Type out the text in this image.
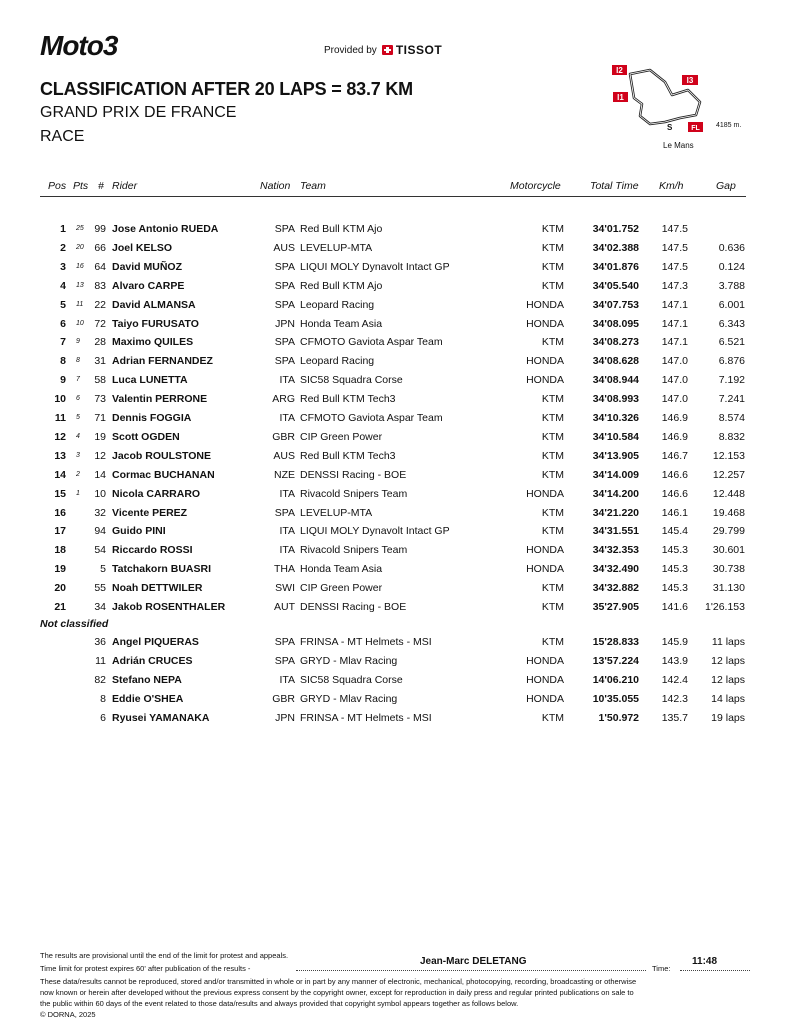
Moto3	Provided by TISSOT
CLASSIFICATION AFTER 20 LAPS = 83.7 KM
GRAND PRIX DE FRANCE
RACE
I2
I3
I1
S	FL 4185 m.
Le Mans
Pos Pts # Rider	Nation Team	Motorcycle	Total Time Km/h	Gap
1 25 99 Jose Antonio RUEDA	SPA Red Bull KTM Ajo	KTM	34'01.752 147.5
2 20 66 Joel KELSO	AUS LEVELUP-MTA	KTM	34'02.388 147.5	0.636
3 16 64 David MUÑOZ	SPA LIQUI MOLY Dynavolt Intact GP	KTM	34'01.876 147.5	0.124
4 13 83 Alvaro CARPE	SPA Red Bull KTM Ajo	KTM	34'05.540 147.3	3.788
5 11 22 David ALMANSA	SPA Leopard Racing	HONDA	34'07.753 147.1	6.001
6 10 72 Taiyo FURUSATO	JPN Honda Team Asia	HONDA	34'08.095 147.1	6.343
7 9 28 Maximo QUILES	SPA CFMOTO Gaviota Aspar Team	KTM	34'08.273 147.1	6.521
8 8 31 Adrian FERNANDEZ	SPA Leopard Racing	HONDA	34'08.628 147.0	6.876
9 7 58 Luca LUNETTA	ITA SIC58 Squadra Corse	HONDA	34'08.944 147.0	7.192
10 6 73 Valentin PERRONE	ARG Red Bull KTM Tech3	KTM	34'08.993 147.0	7.241
11 5 71 Dennis FOGGIA	ITA CFMOTO Gaviota Aspar Team	KTM	34'10.326 146.9	8.574
12 4 19 Scott OGDEN	GBR CIP Green Power	KTM	34'10.584 146.9	8.832
13 3 12 Jacob ROULSTONE	AUS Red Bull KTM Tech3	KTM	34'13.905 146.7 12.153
14 2 14 Cormac BUCHANAN	NZE DENSSI Racing - BOE	KTM	34'14.009 146.6 12.257
15 1 10 Nicola CARRARO	ITA Rivacold Snipers Team	HONDA	34'14.200 146.6 12.448
16	32 Vicente PEREZ	SPA LEVELUP-MTA	KTM	34'21.220 146.1 19.468
17	94 Guido PINI	ITA LIQUI MOLY Dynavolt Intact GP	KTM	34'31.551 145.4 29.799
18	54 Riccardo ROSSI	ITA Rivacold Snipers Team	HONDA	34'32.353 145.3 30.601
19	5 Tatchakorn BUASRI	THA Honda Team Asia	HONDA	34'32.490 145.3 30.738
20	55 Noah DETTWILER	SWI CIP Green Power	KTM	34'32.882 145.3 31.130
21	34 Jakob ROSENTHALER	AUT DENSSI Racing - BOE	KTM	35'27.905 141.6 1'26.153
Not classified
36 Angel PIQUERAS	SPA FRINSA - MT Helmets - MSI	KTM	15'28.833 145.9 11 laps
11 Adrián CRUCES	SPA GRYD - Mlav Racing	HONDA	13'57.224 143.9 12 laps
82 Stefano NEPA	ITA SIC58 Squadra Corse	HONDA	14'06.210 142.4 12 laps
8 Eddie O'SHEA	GBR GRYD - Mlav Racing	HONDA	10'35.055 142.3 14 laps
6 Ryusei YAMANAKA	JPN FRINSA - MT Helmets - MSI	KTM	1'50.972 135.7 19 laps
The results are provisional until the end of the limit for protest and appeals.
Time limit for protest expires 60' after publication of the results -
Jean-Marc DELETANG
Time:
11:48
These data/results cannot be reproduced, stored and/or transmitted in whole or in part by any manner of electronic, mechanical, photocopying, recording, broadcasting or otherwise
now known or herein after developed without the previous express consent by the copyright owner, except for reproduction in daily press and regular printed publications on sale to
the public within 60 days of the event related to those data/results and always provided that copyright symbol appears together as follows below.
© DORNA, 2025
